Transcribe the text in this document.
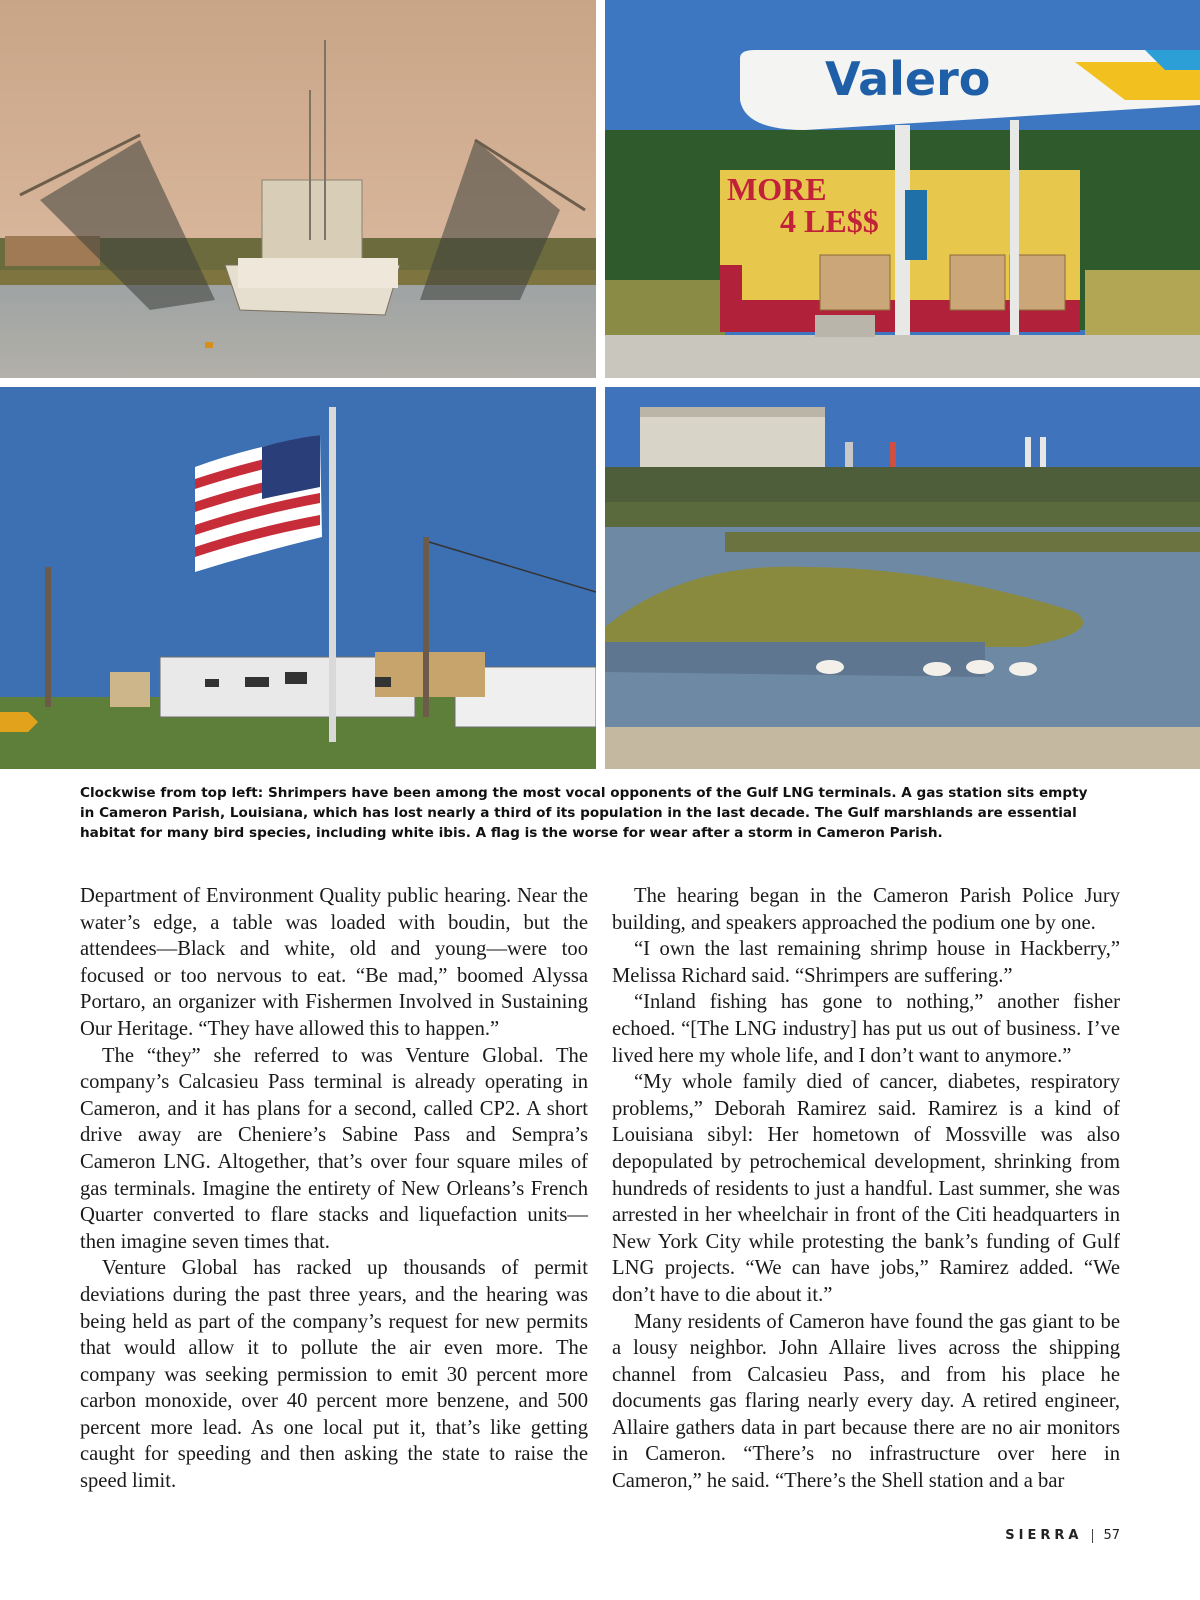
MORE
4 LE$$
Valero

Clockwise from top left: Shrimpers have been among the most vocal opponents of the Gulf LNG terminals. A gas station sits empty in Cameron Parish, Louisiana, which has lost nearly a third of its population in the last decade. The Gulf marshlands are essential habitat for many bird species, including white ibis. A flag is the worse for wear after a storm in Cameron Parish.

Department of Environment Quality public hearing. Near the water’s edge, a table was loaded with boudin, but the attendees—Black and white, old and young—were too focused or too nervous to eat. “Be mad,” boomed Alyssa Portaro, an organizer with Fishermen Involved in Sustaining Our Heritage. “They have allowed this to happen.”

The “they” she referred to was Venture Global. The company’s Calcasieu Pass terminal is already operating in Cameron, and it has plans for a second, called CP2. A short drive away are Cheniere’s Sabine Pass and Sempra’s Cameron LNG. Altogether, that’s over four square miles of gas terminals. Imagine the entirety of New Orleans’s French Quarter converted to flare stacks and liquefaction units—then imagine seven times that.

Venture Global has racked up thousands of permit deviations during the past three years, and the hearing was being held as part of the company’s request for new permits that would allow it to pollute the air even more. The company was seeking permission to emit 30 percent more carbon monoxide, over 40 percent more benzene, and 500 percent more lead. As one local put it, that’s like getting caught for speeding and then asking the state to raise the speed limit.

The hearing began in the Cameron Parish Police Jury building, and speakers approached the podium one by one.

“I own the last remaining shrimp house in Hackberry,” Melissa Richard said. “Shrimpers are suffering.”

“Inland fishing has gone to nothing,” another fisher echoed. “[The LNG industry] has put us out of business. I’ve lived here my whole life, and I don’t want to anymore.”

“My whole family died of cancer, diabetes, respiratory problems,” Deborah Ramirez said. Ramirez is a kind of Louisiana sibyl: Her hometown of Mossville was also depopulated by petrochemical development, shrinking from hundreds of residents to just a handful. Last summer, she was arrested in her wheelchair in front of the Citi headquarters in New York City while protesting the bank’s funding of Gulf LNG projects. “We can have jobs,” Ramirez added. “We don’t have to die about it.”

Many residents of Cameron have found the gas giant to be a lousy neighbor. John Allaire lives across the shipping channel from Calcasieu Pass, and from his place he documents gas flaring nearly every day. A retired engineer, Allaire gathers data in part because there are no air monitors in Cameron. “There’s no infrastructure over here in Cameron,” he said. “There’s the Shell station and a bar

SIERRA 57
